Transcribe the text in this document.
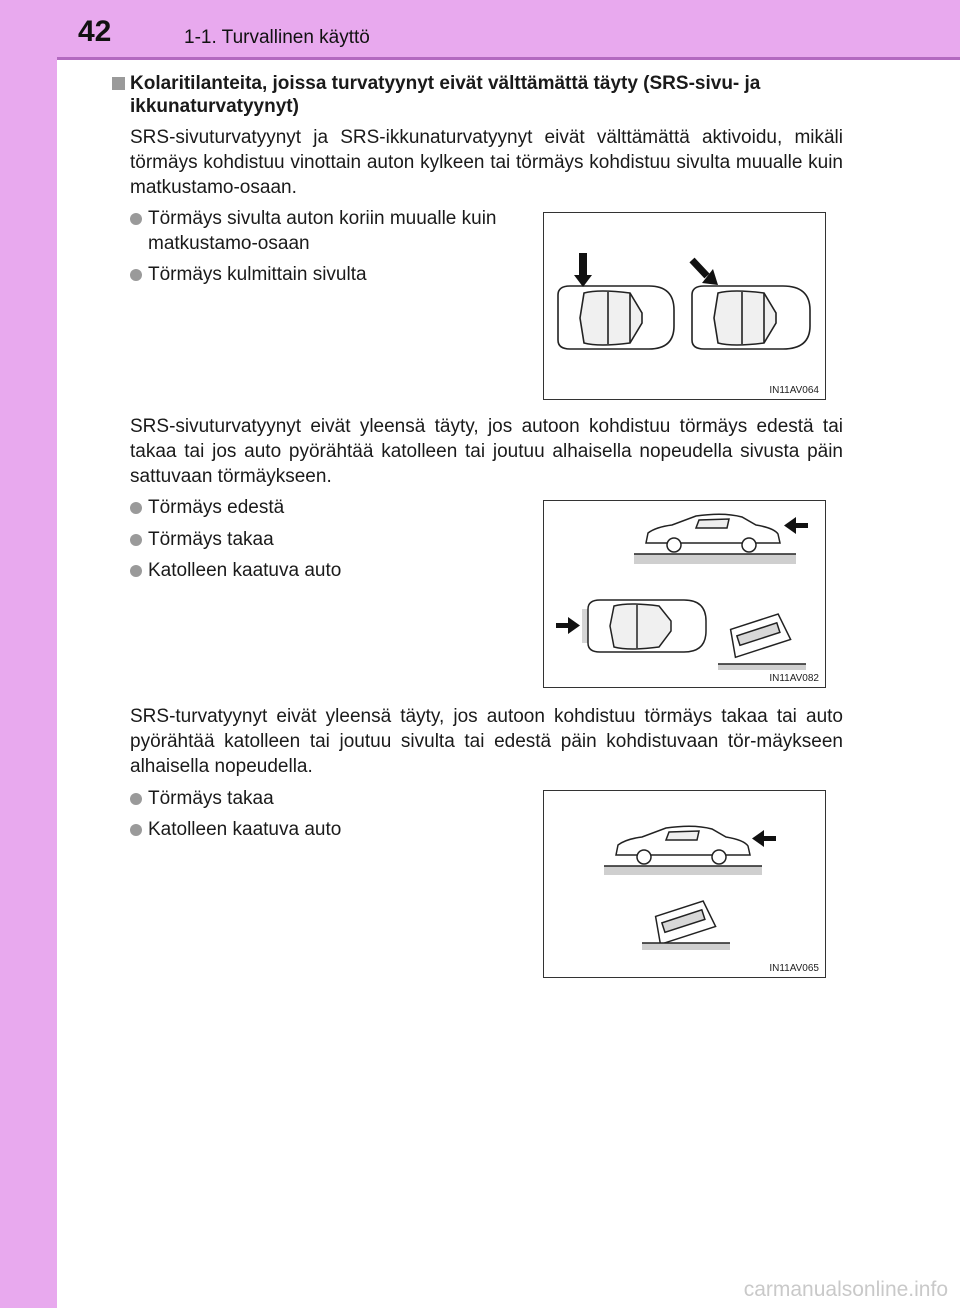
42	1-1. Turvallinen käyttö
Kolaritilanteita, joissa turvatyynyt eivät välttämättä täyty (SRS-sivu- ja ikkunaturvatyynyt)
SRS-sivuturvatyynyt ja SRS-ikkunaturvatyynyt eivät välttämättä aktivoidu, mikäli törmäys kohdistuu vinottain auton kylkeen tai törmäys kohdistuu sivulta muualle kuin matkustamo-osaan.
Törmäys sivulta auton koriin muualle kuin matkustamo-osaan
Törmäys kulmittain sivulta
IN11AV064
SRS-sivuturvatyynyt eivät yleensä täyty, jos autoon kohdistuu törmäys edestä tai takaa tai jos auto pyörähtää katolleen tai joutuu alhaisella nopeudella sivusta päin sattuvaan törmäykseen.
Törmäys edestä
Törmäys takaa
Katolleen kaatuva auto
IN11AV082
SRS-turvatyynyt eivät yleensä täyty, jos autoon kohdistuu törmäys takaa tai auto pyörähtää katolleen tai joutuu sivulta tai edestä päin kohdistuvaan tör-mäykseen alhaisella nopeudella.
Törmäys takaa
Katolleen kaatuva auto
IN11AV065
carmanualsonline.info
